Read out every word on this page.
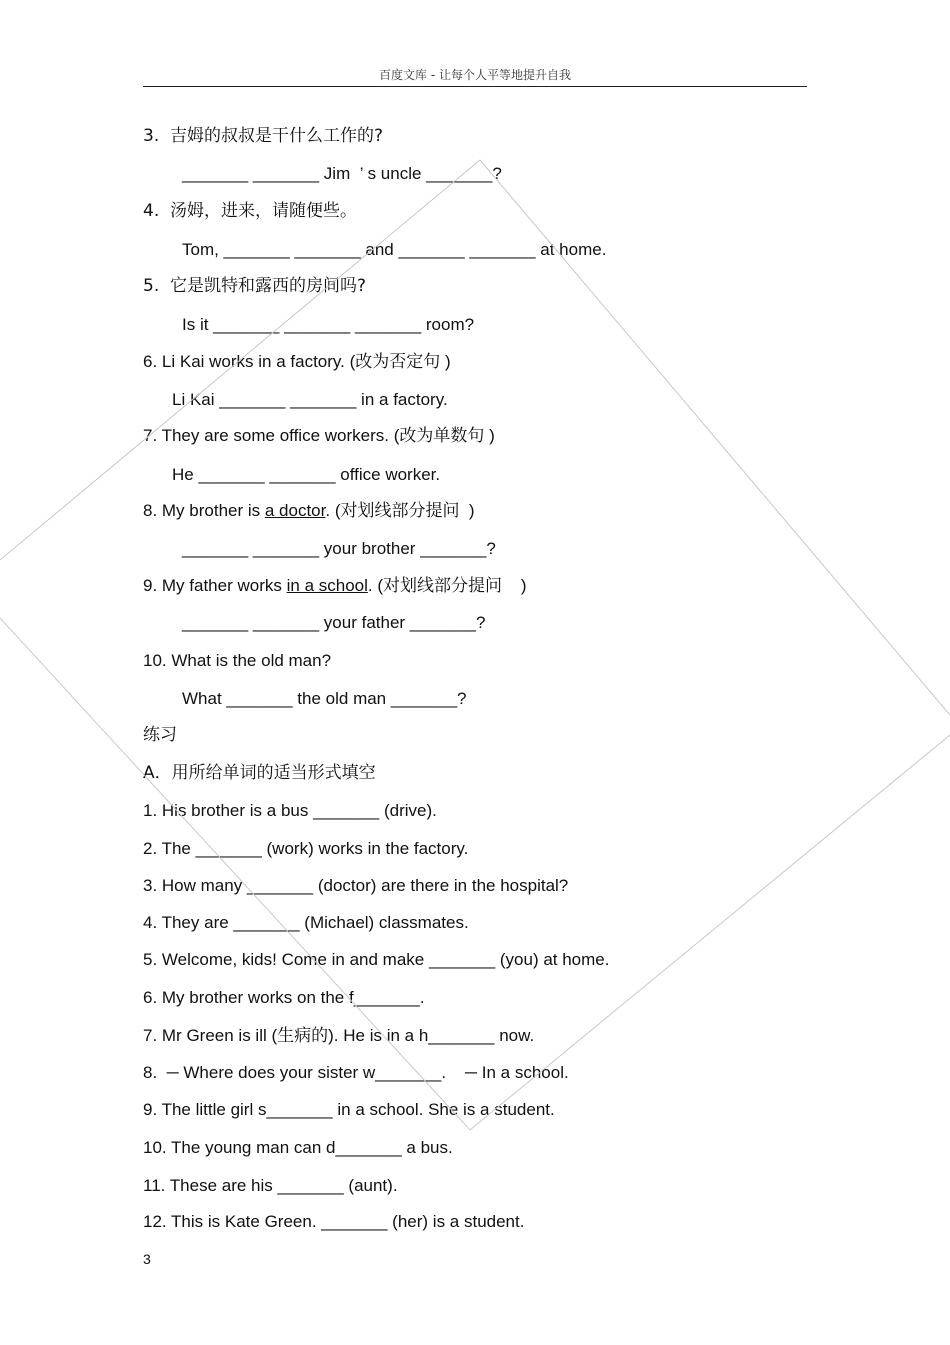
百度文库 - 让每个人平等地提升自我
3.  吉姆的叔叔是干什么工作的?
_______ _______ Jim  ’ s uncle _______?
4.  汤姆，进来，请随便些。
Tom, _______ _______ and _______ _______ at home.
5.  它是凯特和露西的房间吗?
Is it _______ _______ _______ room?
6. Li Kai works in a factory. (改为否定句 )
Li Kai _______ _______ in a factory.
7. They are some office workers. (改为单数句 )
He _______ _______ office worker.
8. My brother is a doctor. (对划线部分提问  )
_______ _______ your brother _______?
9. My father works in a school. (对划线部分提问    )
_______ _______ your father _______?
10. What is the old man?
What _______ the old man _______?
练习
A．用所给单词的适当形式填空
1. His brother is a bus _______ (drive).
2. The _______ (work) works in the factory.
3. How many _______ (doctor) are there in the hospital?
4. They are _______ (Michael) classmates.
5. Welcome, kids! Come in and make _______ (you) at home.
6. My brother works on the f_______.
7. Mr Green is ill (生病的). He is in a h_______ now.
8.  ─ Where does your sister w_______.    ─ In a school.
9. The little girl s_______ in a school. She is a student.
10. The young man can d_______ a bus.
11. These are his _______ (aunt).
12. This is Kate Green. _______ (her) is a student.
3
